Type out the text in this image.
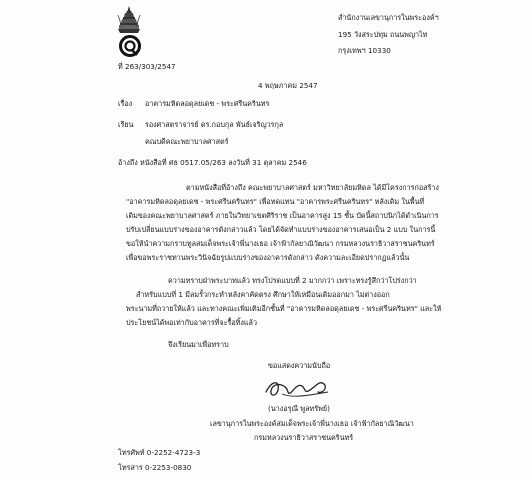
สำนักงานเลขานุการในพระองค์ฯ
195 วังสระปทุม ถนนพญาไท
กรุงเทพฯ 10330
ที่ 263/303/2547
4 พฤษภาคม 2547
เรื่อง อาคารมหิดลอดุลยเดช - พระศรีนครินทร
เรียน รองศาสตราจารย์ ดร.กอบกุล พันธ์เจริญวรกุล
คณบดีคณะพยาบาลศาสตร์
อ้างถึง หนังสือที่ ศธ 0517.05/263 ลงวันที่ 31 ตุลาคม 2546
ตามหนังสือที่อ้างถึง คณะพยาบาลศาสตร์ มหาวิทยาลัยมหิดล ได้มีโครงการก่อสร้าง
"อาคารมหิดลอดุลยเดช - พระศรีนครินทร" เพื่อทดแทน "อาคารพระศรีนครินทร" หลังเดิม ในพื้นที่
เดิมของคณะพยาบาลศาสตร์ ภายในวิทยาเขตศิริราช เป็นอาคารสูง 15 ชั้น บัดนี้สถาปนิกได้ดำเนินการ
ปรับเปลี่ยนแบบร่างของอาคารดังกล่าวแล้ว โดยได้จัดทำแบบร่างของอาคารเสนอเป็น 2 แบบ ในการนี้
ขอให้นำความกราบทูลสมเด็จพระเจ้าพี่นางเธอ เจ้าฟ้ากัลยาณิวัฒนา กรมหลวงนราธิวาสราชนครินทร์
เพื่อขอพระราชทานพระวินิจฉัยรูปแบบร่างของอาคารดังกล่าว ดังความละเอียดปรากฏแล้วนั้น
ความทราบฝ่าพระบาทแล้ว ทรงโปรดแบบที่ 2 มากกว่า เพราะทรงรู้สึกว่าโปร่งกว่า
สำหรับแบบที่ 1 มีลมรั้วกระทำหลังคาคัดตรง ศึกษาให้เหมือนเดิมออกมา ไม่ต่างออก
พระนามที่ถวายให้แล้ว และทางคณะเพิ่มเติมอีกชั้นที่ "อาคารมหิดลอดุลยเดช - พระศรีนครินทร" และให้
ประโยชน์ได้พอเท่ากับอาคารที่จะรื้อทิ้งแล้ว
จึงเรียนมาเพื่อทราบ
ขอแสดงความนับถือ
(นางอรุณี พูลทรัพย์)
เลขานุการในพระองค์สมเด็จพระเจ้าพี่นางเธอ เจ้าฟ้ากัลยาณิวัฒนา
กรมหลวงนราธิวาสราชนครินทร์
โทรศัพท์ 0-2252-4723-3
โทรสาร 0-2253-0830
